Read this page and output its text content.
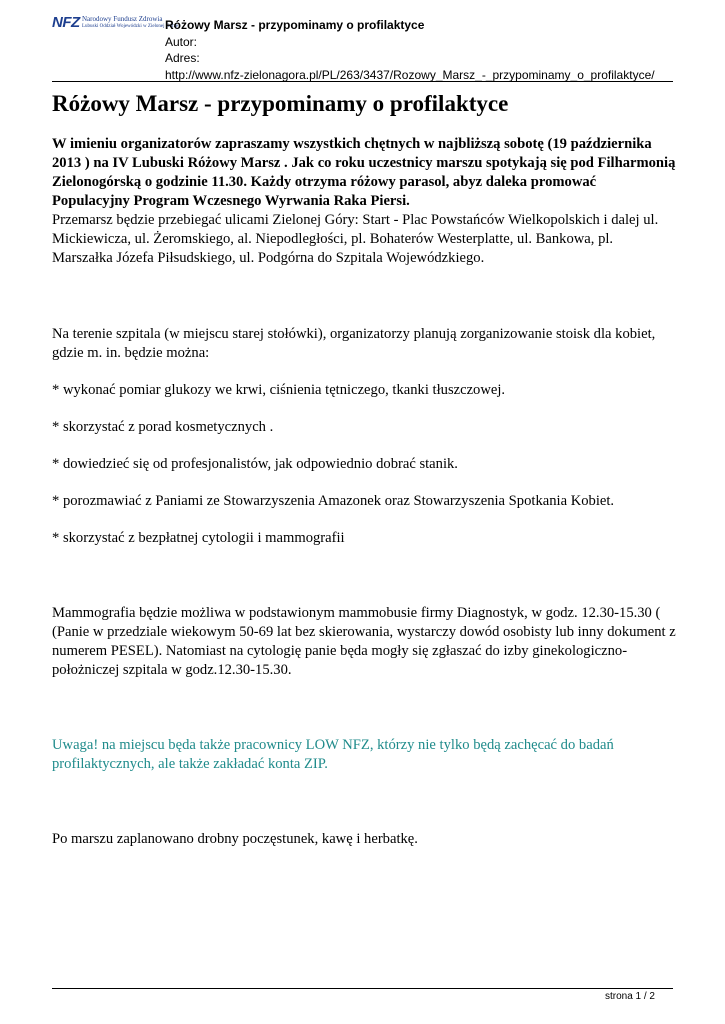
NFZ Narodowy Fundusz Zdrowia
Lubuski Oddział Wojewódzki w Zielonej Górze
Różowy Marsz - przypominamy o profilaktyce
Autor:
Adres:
http://www.nfz-zielonagora.pl/PL/263/3437/Rozowy_Marsz_-_przypominamy_o_profilaktyce/
Różowy Marsz - przypominamy o profilaktyce

W imieniu organizatorów zapraszamy wszystkich chętnych w najbliższą sobotę (19 października 2013 ) na IV Lubuski Różowy Marsz . Jak co roku uczestnicy marszu spotykają się pod Filharmonią Zielonogórską o godzinie 11.30. Każdy otrzyma różowy parasol, abyz daleka promować Populacyjny Program Wczesnego Wyrwania Raka Piersi.

Przemarsz będzie przebiegać ulicami Zielonej Góry: Start - Plac Powstańców Wielkopolskich i dalej ul. Mickiewicza, ul. Żeromskiego, al. Niepodległości, pl. Bohaterów Westerplatte, ul. Bankowa, pl. Marszałka Józefa Piłsudskiego, ul. Podgórna do Szpitala Wojewódzkiego.

Na terenie szpitala (w miejscu starej stołówki), organizatorzy planują zorganizowanie stoisk dla kobiet, gdzie m. in. będzie można:

* wykonać pomiar glukozy we krwi, ciśnienia tętniczego, tkanki tłuszczowej.

* skorzystać z porad kosmetycznych .

* dowiedzieć się od profesjonalistów, jak odpowiednio dobrać stanik.

* porozmawiać z Paniami ze Stowarzyszenia Amazonek oraz Stowarzyszenia Spotkania Kobiet.

* skorzystać z bezpłatnej cytologii i mammografii

Mammografia będzie możliwa w podstawionym mammobusie firmy Diagnostyk, w godz. 12.30-15.30 ( (Panie w przedziale wiekowym 50-69 lat bez skierowania, wystarczy dowód osobisty lub inny dokument z numerem PESEL). Natomiast na cytologię panie będa mogły się zgłaszać do izby ginekologiczno-położniczej szpitala w godz.12.30-15.30.

Uwaga! na miejscu będa także pracownicy LOW NFZ, którzy nie tylko będą zachęcać do badań profilaktycznych, ale także zakładać konta ZIP.

Po marszu zaplanowano drobny poczęstunek, kawę i herbatkę.

strona 1 / 2
